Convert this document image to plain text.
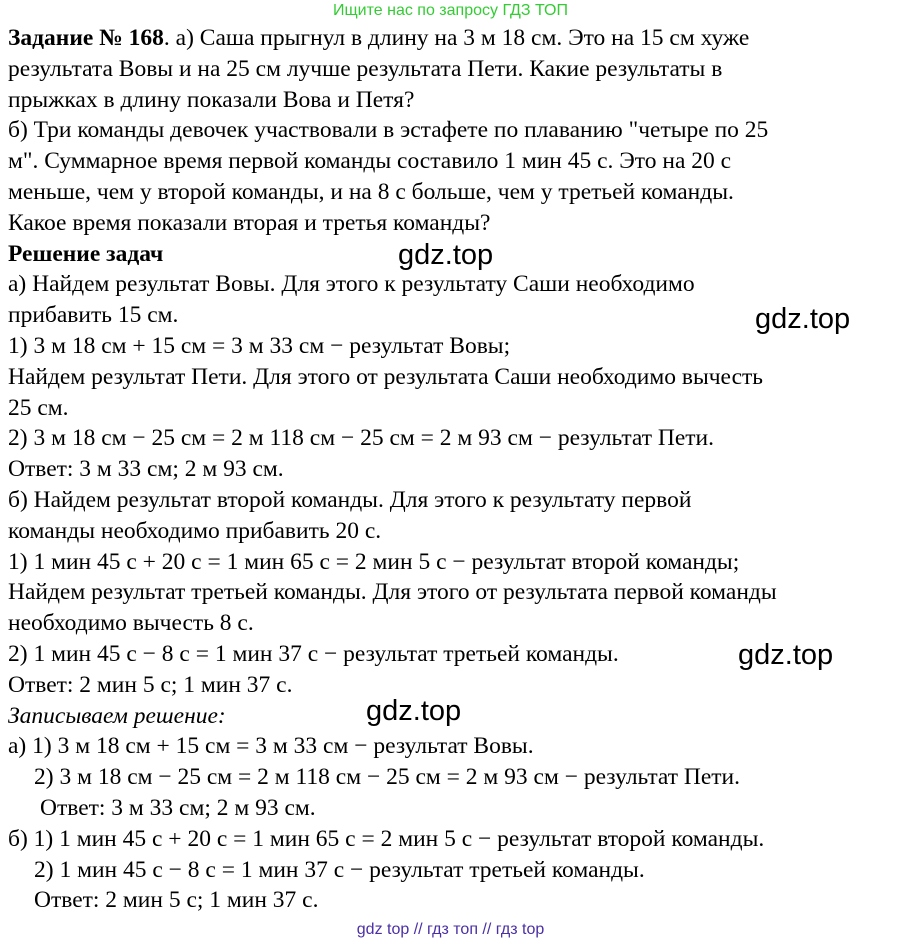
Ищите нас по запросу ГДЗ ТОП
Задание № 168. а) Саша прыгнул в длину на 3 м 18 см. Это на 15 см хуже
результата Вовы и на 25 см лучше результата Пети. Какие результаты в
прыжках в длину показали Вова и Петя?
б) Три команды девочек участвовали в эстафете по плаванию "четыре по 25
м". Суммарное время первой команды составило 1 мин 45 с. Это на 20 с
меньше, чем у второй команды, и на 8 с больше, чем у третьей команды.
Какое время показали вторая и третья команды?
Решение задач
а) Найдем результат Вовы. Для этого к результату Саши необходимо
прибавить 15 см.
1) 3 м 18 см + 15 см = 3 м 33 см − результат Вовы;
Найдем результат Пети. Для этого от результата Саши необходимо вычесть
25 см.
2) 3 м 18 см − 25 см = 2 м 118 см − 25 см = 2 м 93 см − результат Пети.
Ответ: 3 м 33 см; 2 м 93 см.
б) Найдем результат второй команды. Для этого к результату первой
команды необходимо прибавить 20 с.
1) 1 мин 45 с + 20 с = 1 мин 65 с = 2 мин 5 с − результат второй команды;
Найдем результат третьей команды. Для этого от результата первой команды
необходимо вычесть 8 с.
2) 1 мин 45 с − 8 с = 1 мин 37 с − результат третьей команды.
Ответ: 2 мин 5 с; 1 мин 37 с.
Записываем решение:
а) 1) 3 м 18 см + 15 см = 3 м 33 см − результат Вовы.
2) 3 м 18 см − 25 см = 2 м 118 см − 25 см = 2 м 93 см − результат Пети.
Ответ: 3 м 33 см; 2 м 93 см.
б) 1) 1 мин 45 с + 20 с = 1 мин 65 с = 2 мин 5 с − результат второй команды.
2) 1 мин 45 с − 8 с = 1 мин 37 с − результат третьей команды.
Ответ: 2 мин 5 с; 1 мин 37 с.
gdz.top
gdz.top
gdz.top
gdz.top
gdz top // гдз топ // гдз top
